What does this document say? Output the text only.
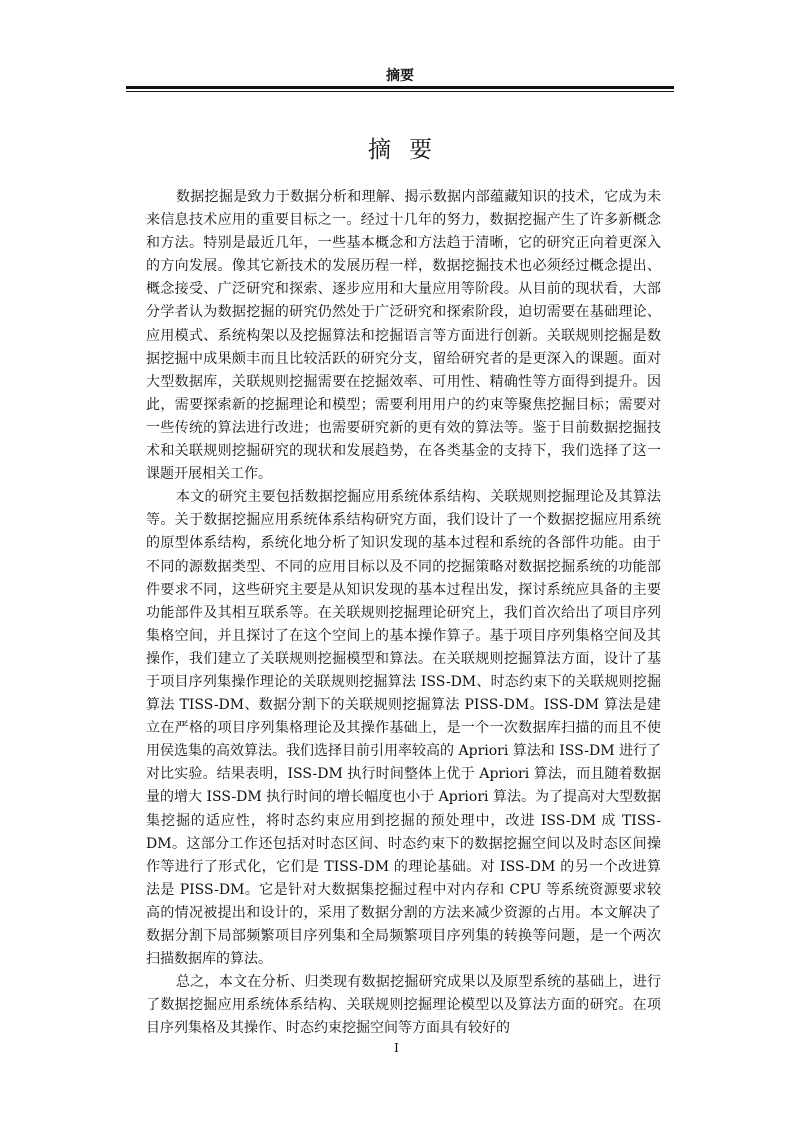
摘要
摘要

数据挖掘是致力于数据分析和理解、揭示数据内部蕴藏知识的技术，它成为未来信息技术应用的重要目标之一。经过十几年的努力，数据挖掘产生了许多新概念和方法。特别是最近几年，一些基本概念和方法趋于清晰，它的研究正向着更深入的方向发展。像其它新技术的发展历程一样，数据挖掘技术也必须经过概念提出、概念接受、广泛研究和探索、逐步应用和大量应用等阶段。从目前的现状看，大部分学者认为数据挖掘的研究仍然处于广泛研究和探索阶段，迫切需要在基础理论、应用模式、系统构架以及挖掘算法和挖掘语言等方面进行创新。关联规则挖掘是数据挖掘中成果颇丰而且比较活跃的研究分支，留给研究者的是更深入的课题。面对大型数据库，关联规则挖掘需要在挖掘效率、可用性、精确性等方面得到提升。因此，需要探索新的挖掘理论和模型；需要利用用户的约束等聚焦挖掘目标；需要对一些传统的算法进行改进；也需要研究新的更有效的算法等。鉴于目前数据挖掘技术和关联规则挖掘研究的现状和发展趋势，在各类基金的支持下，我们选择了这一课题开展相关工作。

本文的研究主要包括数据挖掘应用系统体系结构、关联规则挖掘理论及其算法等。关于数据挖掘应用系统体系结构研究方面，我们设计了一个数据挖掘应用系统的原型体系结构，系统化地分析了知识发现的基本过程和系统的各部件功能。由于不同的源数据类型、不同的应用目标以及不同的挖掘策略对数据挖掘系统的功能部件要求不同，这些研究主要是从知识发现的基本过程出发，探讨系统应具备的主要功能部件及其相互联系等。在关联规则挖掘理论研究上，我们首次给出了项目序列集格空间，并且探讨了在这个空间上的基本操作算子。基于项目序列集格空间及其操作，我们建立了关联规则挖掘模型和算法。在关联规则挖掘算法方面，设计了基于项目序列集操作理论的关联规则挖掘算法 ISS-DM、时态约束下的关联规则挖掘算法 TISS-DM、数据分割下的关联规则挖掘算法 PISS-DM。ISS-DM 算法是建立在严格的项目序列集格理论及其操作基础上，是一个一次数据库扫描的而且不使用侯选集的高效算法。我们选择目前引用率较高的 Apriori 算法和 ISS-DM 进行了对比实验。结果表明，ISS-DM 执行时间整体上优于 Apriori 算法，而且随着数据量的增大 ISS-DM 执行时间的增长幅度也小于 Apriori 算法。为了提高对大型数据集挖掘的适应性，将时态约束应用到挖掘的预处理中，改进 ISS-DM 成 TISS-DM。这部分工作还包括对时态区间、时态约束下的数据挖掘空间以及时态区间操作等进行了形式化，它们是 TISS-DM 的理论基础。对 ISS-DM 的另一个改进算法是 PISS-DM。它是针对大数据集挖掘过程中对内存和 CPU 等系统资源要求较高的情况被提出和设计的，采用了数据分割的方法来减少资源的占用。本文解决了数据分割下局部频繁项目序列集和全局频繁项目序列集的转换等问题，是一个两次扫描数据库的算法。

总之，本文在分析、归类现有数据挖掘研究成果以及原型系统的基础上，进行了数据挖掘应用系统体系结构、关联规则挖掘理论模型以及算法方面的研究。在项目序列集格及其操作、时态约束挖掘空间等方面具有较好的

I
